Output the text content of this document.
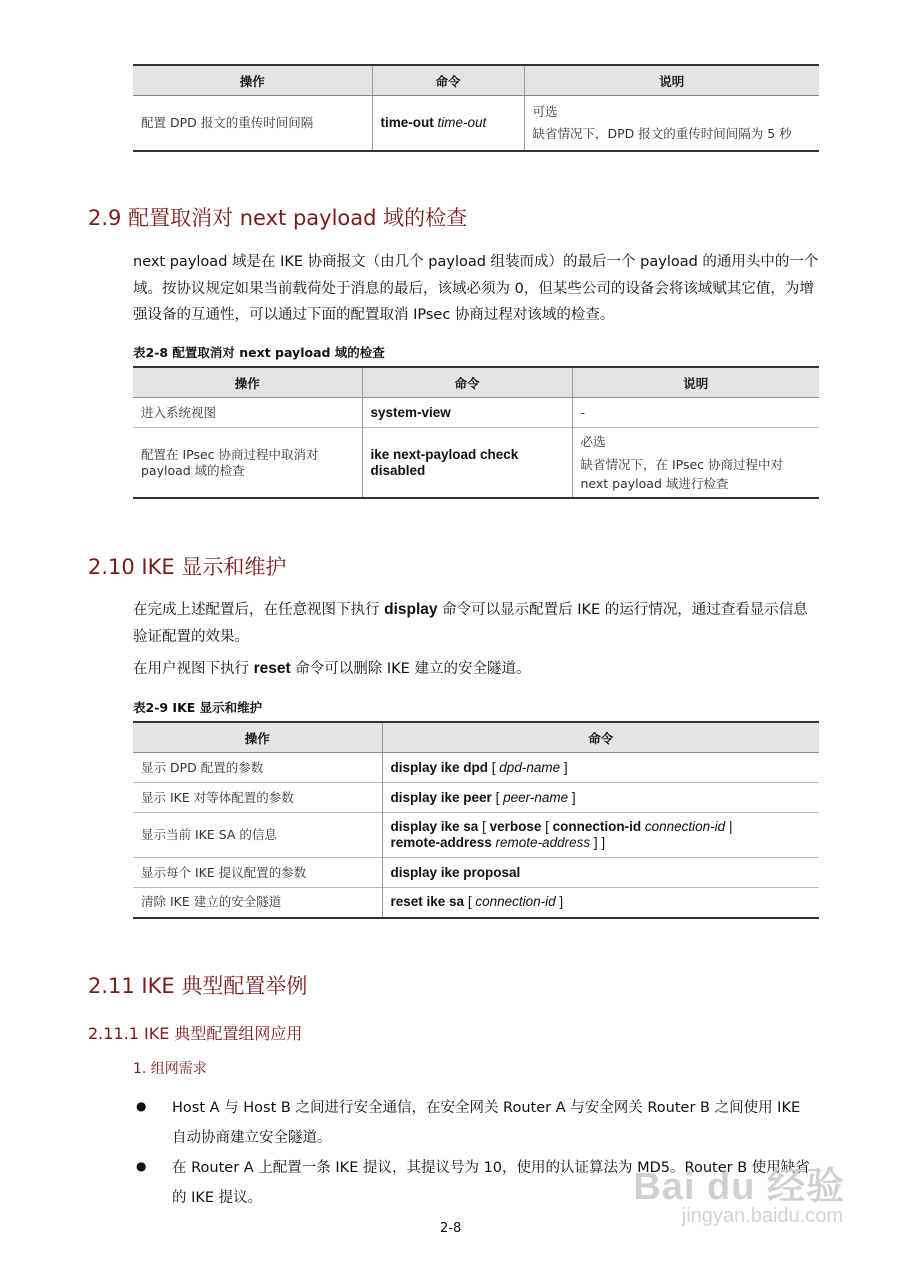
操作	命令	说明
配置 DPD 报文的重传时间间隔	time-out time-out	可选
缺省情况下，DPD 报文的重传时间间隔为 5 秒
2.9 配置取消对 next payload 域的检查

next payload 域是在 IKE 协商报文（由几个 payload 组装而成）的最后一个 payload 的通用头中的一个域。按协议规定如果当前载荷处于消息的最后，该域必须为 0，但某些公司的设备会将该域赋其它值，为增强设备的互通性，可以通过下面的配置取消 IPsec 协商过程对该域的检查。

表2-8 配置取消对 next payload 域的检查
操作	命令	说明
进入系统视图	system-view	-
配置在 IPsec 协商过程中取消对 payload 域的检查	ike next-payload check disabled	必选
缺省情况下，在 IPsec 协商过程中对 next payload 域进行检查
2.10 IKE 显示和维护

在完成上述配置后，在任意视图下执行 display 命令可以显示配置后 IKE 的运行情况，通过查看显示信息验证配置的效果。

在用户视图下执行 reset 命令可以删除 IKE 建立的安全隧道。

表2-9 IKE 显示和维护
操作	命令
显示 DPD 配置的参数	display ike dpd [ dpd-name ]
显示 IKE 对等体配置的参数	display ike peer [ peer-name ]
显示当前 IKE SA 的信息	display ike sa [ verbose [ connection-id connection-id |
remote-address remote-address ] ]
显示每个 IKE 提议配置的参数	display ike proposal
清除 IKE 建立的安全隧道	reset ike sa [ connection-id ]
2.11 IKE 典型配置举例
2.11.1 IKE 典型配置组网应用
1. 组网需求
● Host A 与 Host B 之间进行安全通信，在安全网关 Router A 与安全网关 Router B 之间使用 IKE 自动协商建立安全隧道。

● 在 Router A 上配置一条 IKE 提议，其提议号为 10，使用的认证算法为 MD5。Router B 使用缺省的 IKE 提议。

2-8
Bai du 经验
jingyan.baidu.com
